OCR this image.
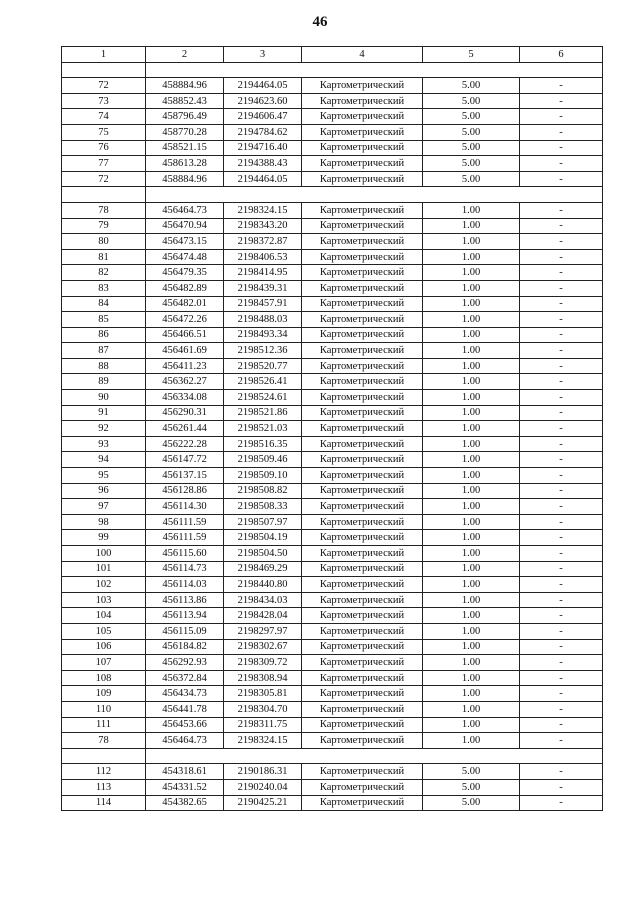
46
1	2	3	4	5	6

72	458884.96	2194464.05	Картометрический	5.00	-
73	458852.43	2194623.60	Картометрический	5.00	-
74	458796.49	2194606.47	Картометрический	5.00	-
75	458770.28	2194784.62	Картометрический	5.00	-
76	458521.15	2194716.40	Картометрический	5.00	-
77	458613.28	2194388.43	Картометрический	5.00	-
72	458884.96	2194464.05	Картометрический	5.00	-

78	456464.73	2198324.15	Картометрический	1.00	-
79	456470.94	2198343.20	Картометрический	1.00	-
80	456473.15	2198372.87	Картометрический	1.00	-
81	456474.48	2198406.53	Картометрический	1.00	-
82	456479.35	2198414.95	Картометрический	1.00	-
83	456482.89	2198439.31	Картометрический	1.00	-
84	456482.01	2198457.91	Картометрический	1.00	-
85	456472.26	2198488.03	Картометрический	1.00	-
86	456466.51	2198493.34	Картометрический	1.00	-
87	456461.69	2198512.36	Картометрический	1.00	-
88	456411.23	2198520.77	Картометрический	1.00	-
89	456362.27	2198526.41	Картометрический	1.00	-
90	456334.08	2198524.61	Картометрический	1.00	-
91	456290.31	2198521.86	Картометрический	1.00	-
92	456261.44	2198521.03	Картометрический	1.00	-
93	456222.28	2198516.35	Картометрический	1.00	-
94	456147.72	2198509.46	Картометрический	1.00	-
95	456137.15	2198509.10	Картометрический	1.00	-
96	456128.86	2198508.82	Картометрический	1.00	-
97	456114.30	2198508.33	Картометрический	1.00	-
98	456111.59	2198507.97	Картометрический	1.00	-
99	456111.59	2198504.19	Картометрический	1.00	-
100	456115.60	2198504.50	Картометрический	1.00	-
101	456114.73	2198469.29	Картометрический	1.00	-
102	456114.03	2198440.80	Картометрический	1.00	-
103	456113.86	2198434.03	Картометрический	1.00	-
104	456113.94	2198428.04	Картометрический	1.00	-
105	456115.09	2198297.97	Картометрический	1.00	-
106	456184.82	2198302.67	Картометрический	1.00	-
107	456292.93	2198309.72	Картометрический	1.00	-
108	456372.84	2198308.94	Картометрический	1.00	-
109	456434.73	2198305.81	Картометрический	1.00	-
110	456441.78	2198304.70	Картометрический	1.00	-
111	456453.66	2198311.75	Картометрический	1.00	-
78	456464.73	2198324.15	Картометрический	1.00	-

112	454318.61	2190186.31	Картометрический	5.00	-
113	454331.52	2190240.04	Картометрический	5.00	-
114	454382.65	2190425.21	Картометрический	5.00	-
